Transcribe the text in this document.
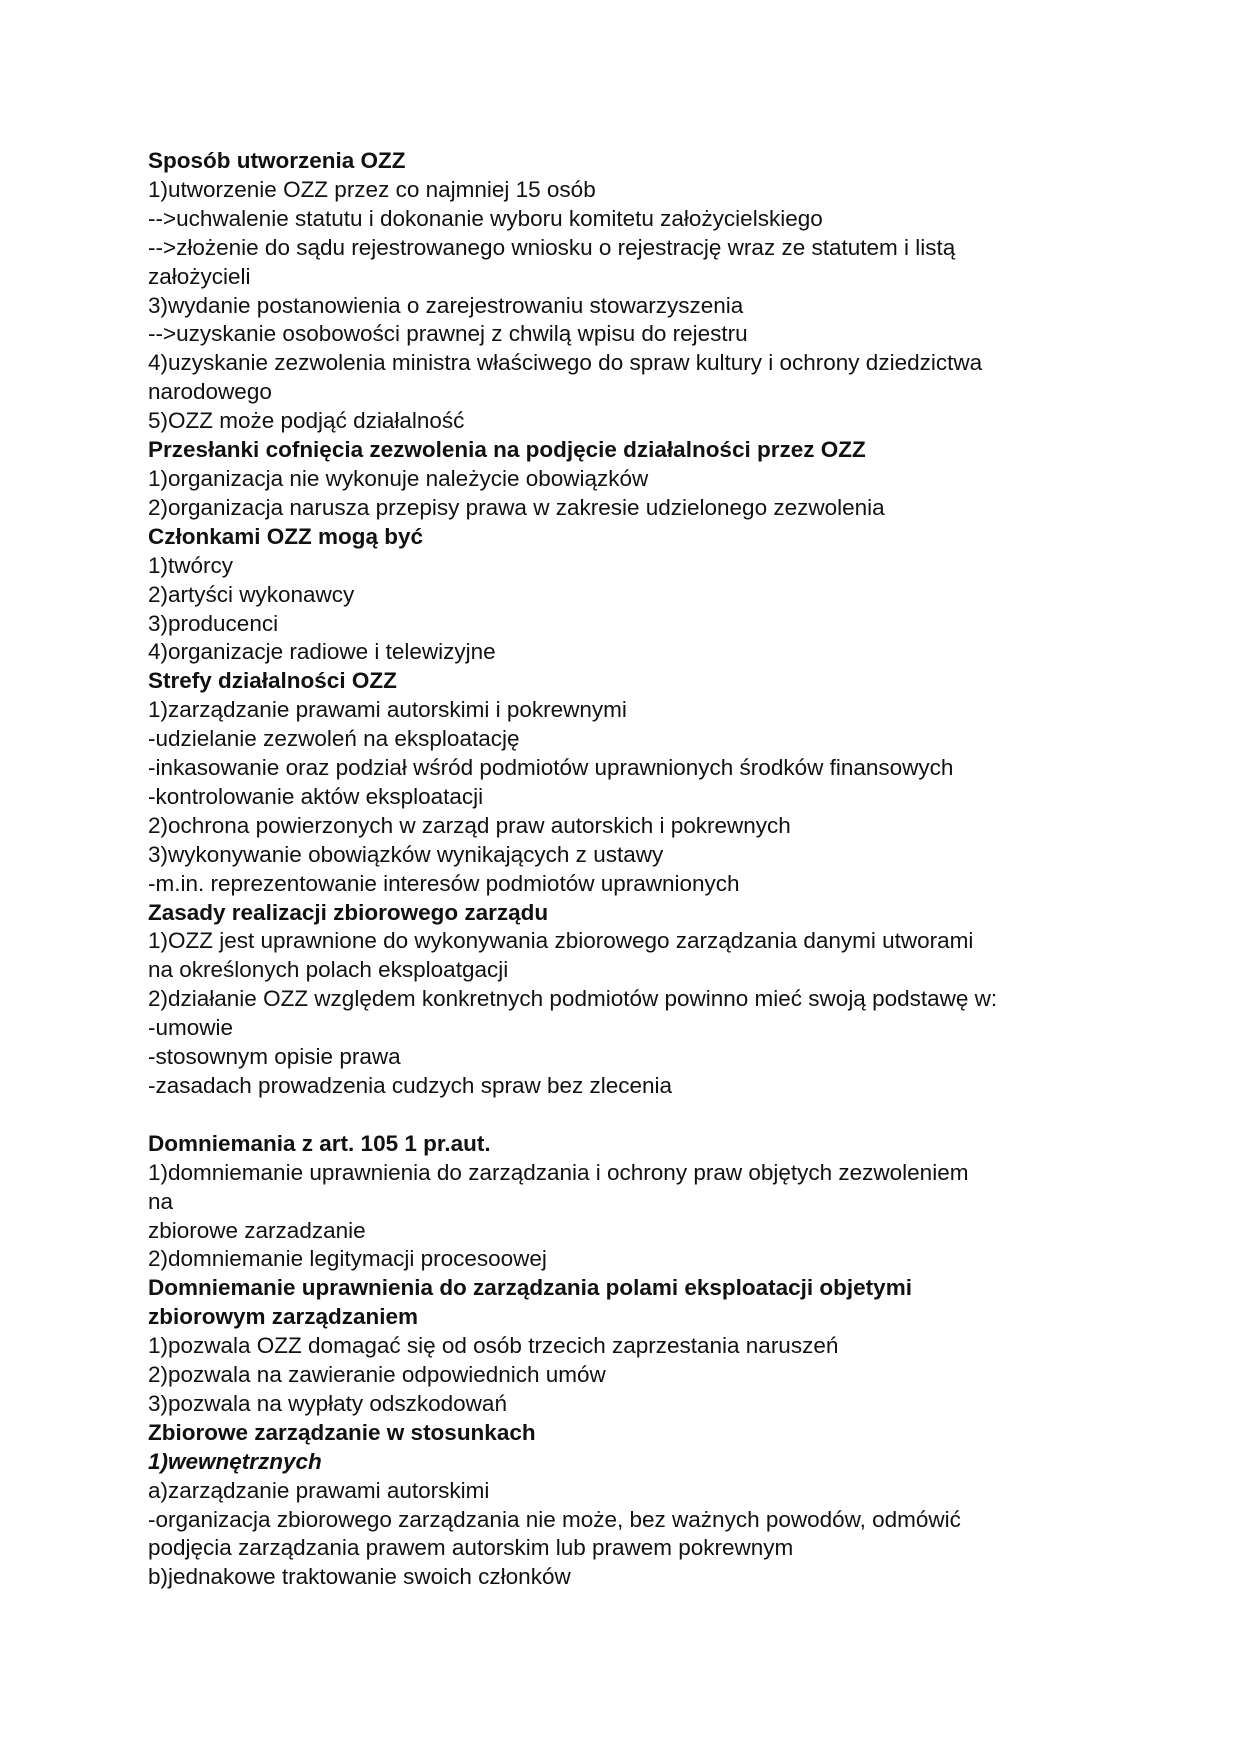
Sposób utworzenia OZZ
1)utworzenie OZZ przez co najmniej 15 osób
-->uchwalenie statutu i dokonanie wyboru komitetu założycielskiego
-->złożenie do sądu rejestrowanego wniosku o rejestrację wraz ze statutem i listą
założycieli
3)wydanie postanowienia o zarejestrowaniu stowarzyszenia
-->uzyskanie osobowości prawnej z chwilą wpisu do rejestru
4)uzyskanie zezwolenia ministra właściwego do spraw kultury i ochrony dziedzictwa
narodowego
5)OZZ może podjąć działalność
Przesłanki cofnięcia zezwolenia na podjęcie działalności przez OZZ
1)organizacja nie wykonuje należycie obowiązków
2)organizacja narusza przepisy prawa w zakresie udzielonego zezwolenia
Członkami OZZ mogą być
1)twórcy
2)artyści wykonawcy
3)producenci
4)organizacje radiowe i telewizyjne
Strefy działalności OZZ
1)zarządzanie prawami autorskimi i pokrewnymi
-udzielanie zezwoleń na eksploatację
-inkasowanie oraz podział wśród podmiotów uprawnionych środków finansowych
-kontrolowanie aktów eksploatacji
2)ochrona powierzonych w zarząd praw autorskich i pokrewnych
3)wykonywanie obowiązków wynikających z ustawy
-m.in. reprezentowanie interesów podmiotów uprawnionych
Zasady realizacji zbiorowego zarządu
1)OZZ jest uprawnione do wykonywania zbiorowego zarządzania danymi utworami
na określonych polach eksploatgacji
2)działanie OZZ względem konkretnych podmiotów powinno mieć swoją podstawę w:
-umowie
-stosownym opisie prawa
-zasadach prowadzenia cudzych spraw bez zlecenia
Domniemania z art. 105 1 pr.aut.
1)domniemanie uprawnienia do zarządzania i ochrony praw objętych zezwoleniem
na
zbiorowe zarzadzanie
2)domniemanie legitymacji procesoowej
Domniemanie uprawnienia do zarządzania polami eksploatacji objetymi
zbiorowym zarządzaniem
1)pozwala OZZ domagać się od osób trzecich zaprzestania naruszeń
2)pozwala na zawieranie odpowiednich umów
3)pozwala na wypłaty odszkodowań
Zbiorowe zarządzanie w stosunkach
1)wewnętrznych
a)zarządzanie prawami autorskimi
-organizacja zbiorowego zarządzania nie może, bez ważnych powodów, odmówić
podjęcia zarządzania prawem autorskim lub prawem pokrewnym
b)jednakowe traktowanie swoich członków
